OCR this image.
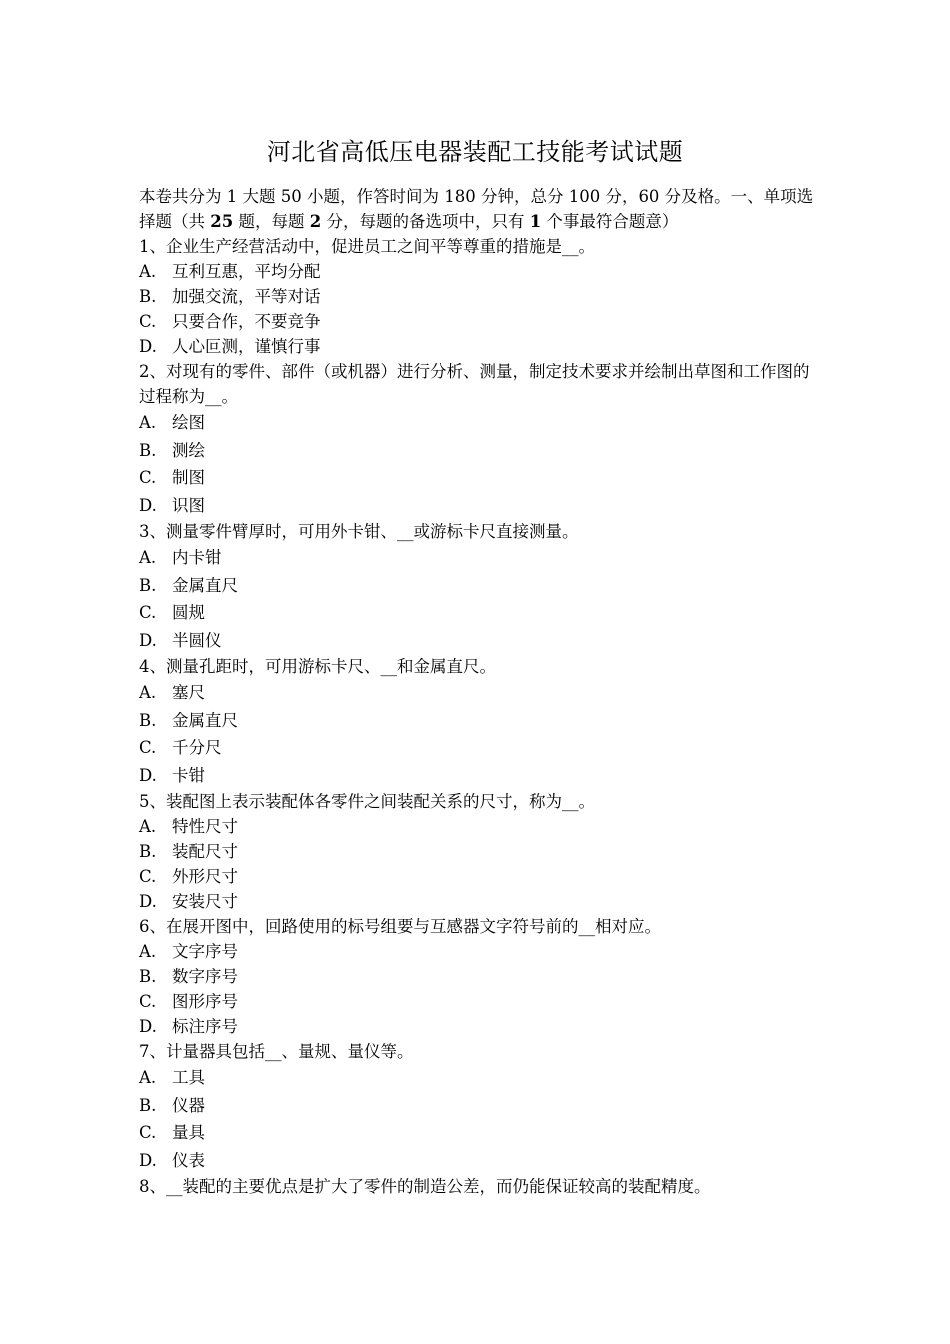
河北省高低压电器装配工技能考试试题
本卷共分为 1 大题 50 小题，作答时间为 180 分钟，总分 100 分，60 分及格。一、单项选择题（共 25 题，每题 2 分，每题的备选项中，只有 1 个事最符合题意）
1、企业生产经营活动中，促进员工之间平等尊重的措施是__。
A. 互利互惠，平均分配
B. 加强交流，平等对话
C. 只要合作，不要竞争
D. 人心叵测，谨慎行事
2、对现有的零件、部件（或机器）进行分析、测量，制定技术要求并绘制出草图和工作图的过程称为__。
A. 绘图
B. 测绘
C. 制图
D. 识图
3、测量零件臂厚时，可用外卡钳、__或游标卡尺直接测量。
A. 内卡钳
B. 金属直尺
C. 圆规
D. 半圆仪
4、测量孔距时，可用游标卡尺、__和金属直尺。
A. 塞尺
B. 金属直尺
C. 千分尺
D. 卡钳
5、装配图上表示装配体各零件之间装配关系的尺寸，称为__。
A. 特性尺寸
B. 装配尺寸
C. 外形尺寸
D. 安装尺寸
6、在展开图中，回路使用的标号组要与互感器文字符号前的__相对应。
A. 文字序号
B. 数字序号
C. 图形序号
D. 标注序号
7、计量器具包括__、量规、量仪等。
A. 工具
B. 仪器
C. 量具
D. 仪表
8、__装配的主要优点是扩大了零件的制造公差，而仍能保证较高的装配精度。
